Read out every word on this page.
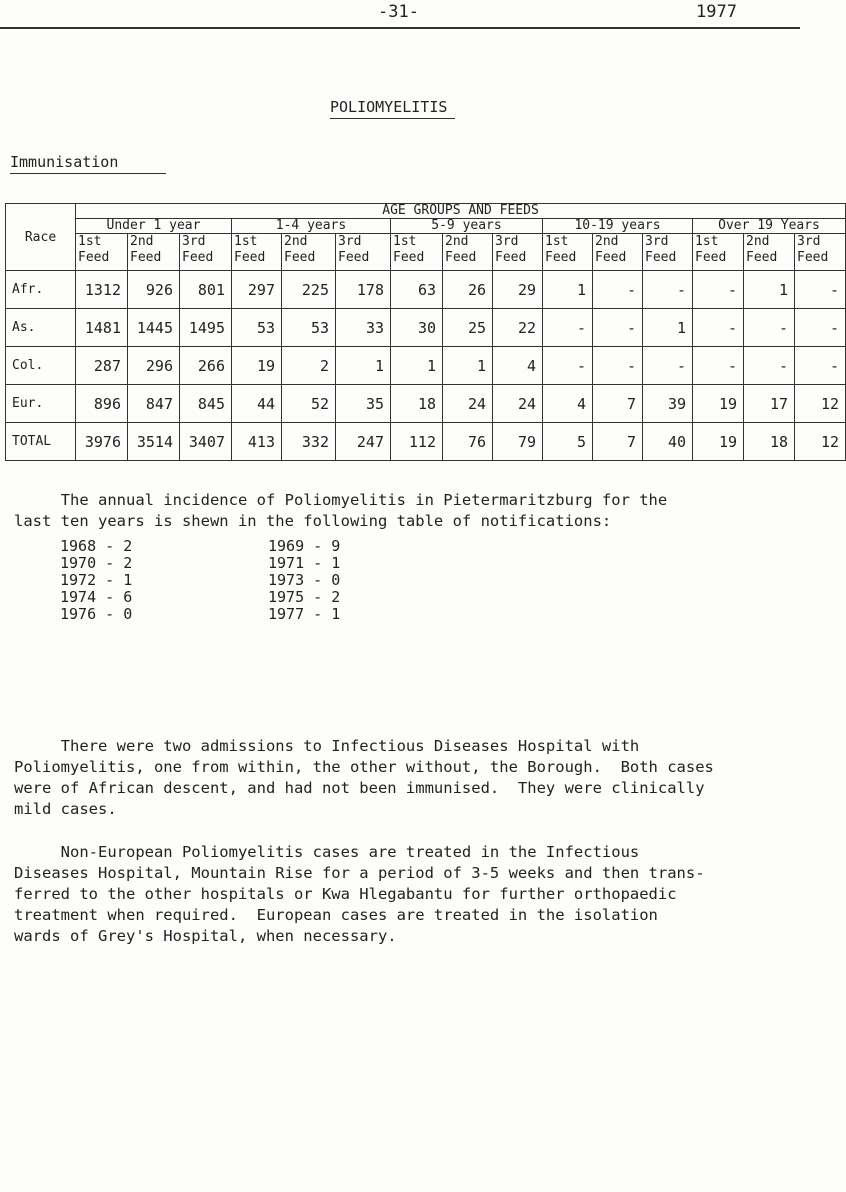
-31-	1977
POLIOMYELITIS
Immunisation
Race	AGE GROUPS AND FEEDS														
	Under 1 year			1-4 years			5-9 years			10-19 years			Over 19 Years		
	1st Feed	2nd Feed	3rd Feed	1st Feed	2nd Feed	3rd Feed	1st Feed	2nd Feed	3rd Feed	1st Feed	2nd Feed	3rd Feed	1st Feed	2nd Feed	3rd Feed
Afr.	1312	926	801	297	225	178	63	26	29	1	-	-	-	1	-
As.	1481	1445	1495	53	53	33	30	25	22	-	-	1	-	-	-
Col.	287	296	266	19	2	1	1	1	4	-	-	-	-	-	-
Eur.	896	847	845	44	52	35	18	24	24	4	7	39	19	17	12
TOTAL	3976	3514	3407	413	332	247	112	76	79	5	7	40	19	18	12
The annual incidence of Poliomyelitis in Pietermaritzburg for the
last ten years is shewn in the following table of notifications:
1968 - 2	1969 - 9
1970 - 2	1971 - 1
1972 - 1	1973 - 0
1974 - 6	1975 - 2
1976 - 0	1977 - 1
There were two admissions to Infectious Diseases Hospital with
Poliomyelitis, one from within, the other without, the Borough.  Both cases
were of African descent, and had not been immunised.  They were clinically
mild cases.
Non-European Poliomyelitis cases are treated in the Infectious
Diseases Hospital, Mountain Rise for a period of 3-5 weeks and then trans-
ferred to the other hospitals or Kwa Hlegabantu for further orthopaedic
treatment when required.  European cases are treated in the isolation
wards of Grey's Hospital, when necessary.
